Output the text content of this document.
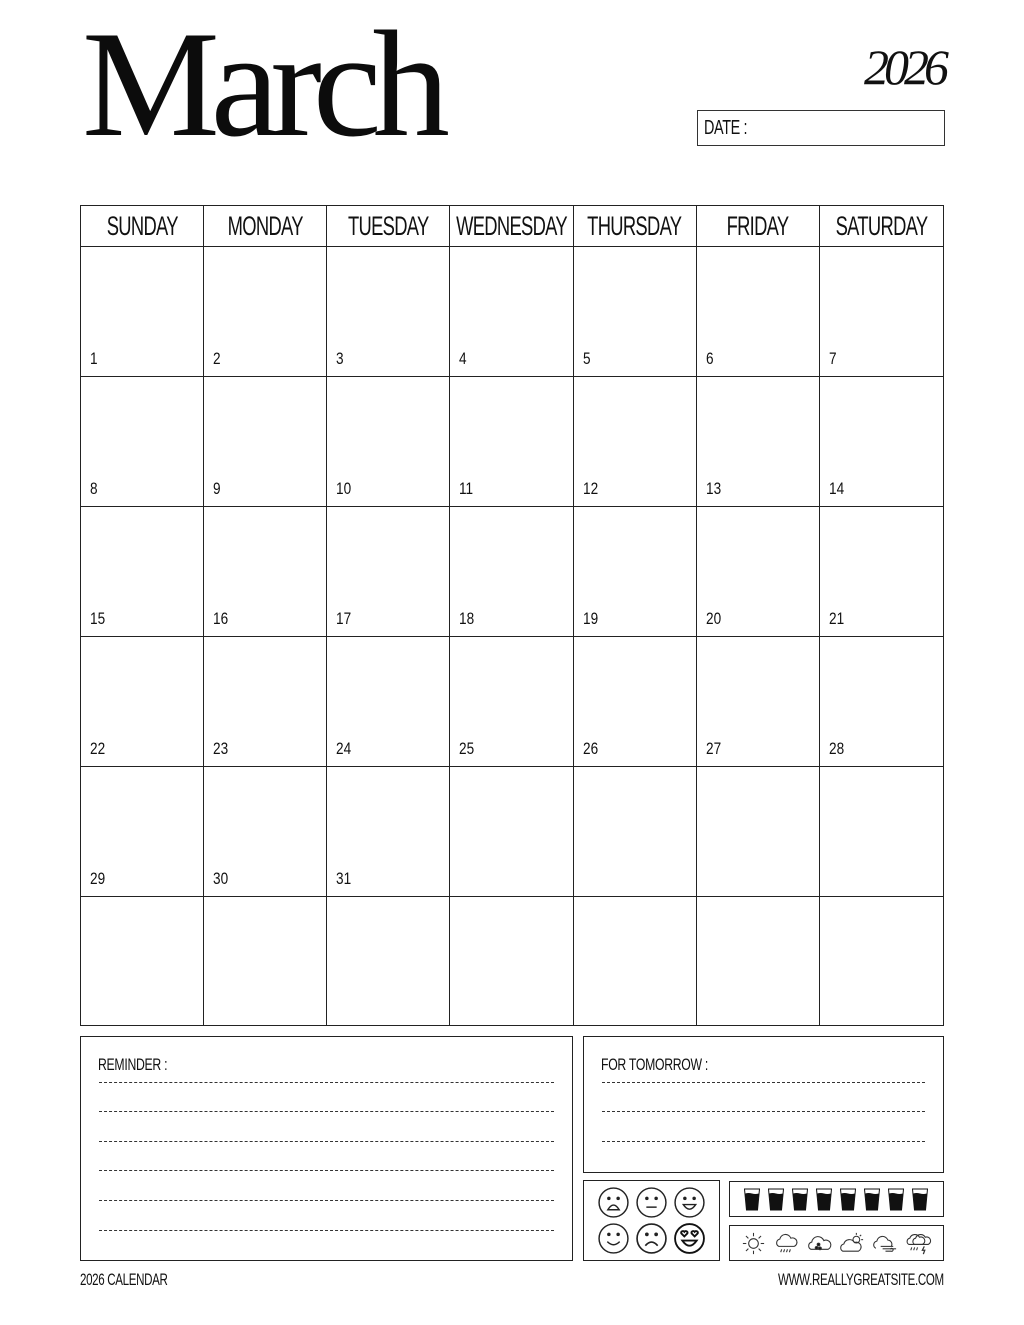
March	2026
DATE :
SUNDAY MONDAY TUESDAY WEDNESDAY THURSDAY FRIDAY SATURDAY
1	2	3	4	5	6	7
8	9	10	11	12	13	14
15	16	17	18	19	20	21
22	23	24	25	26	27	28
29	30	31
REMINDER :	FOR TOMORROW :
2026 CALENDAR	WWW.REALLYGREATSITE.COM
